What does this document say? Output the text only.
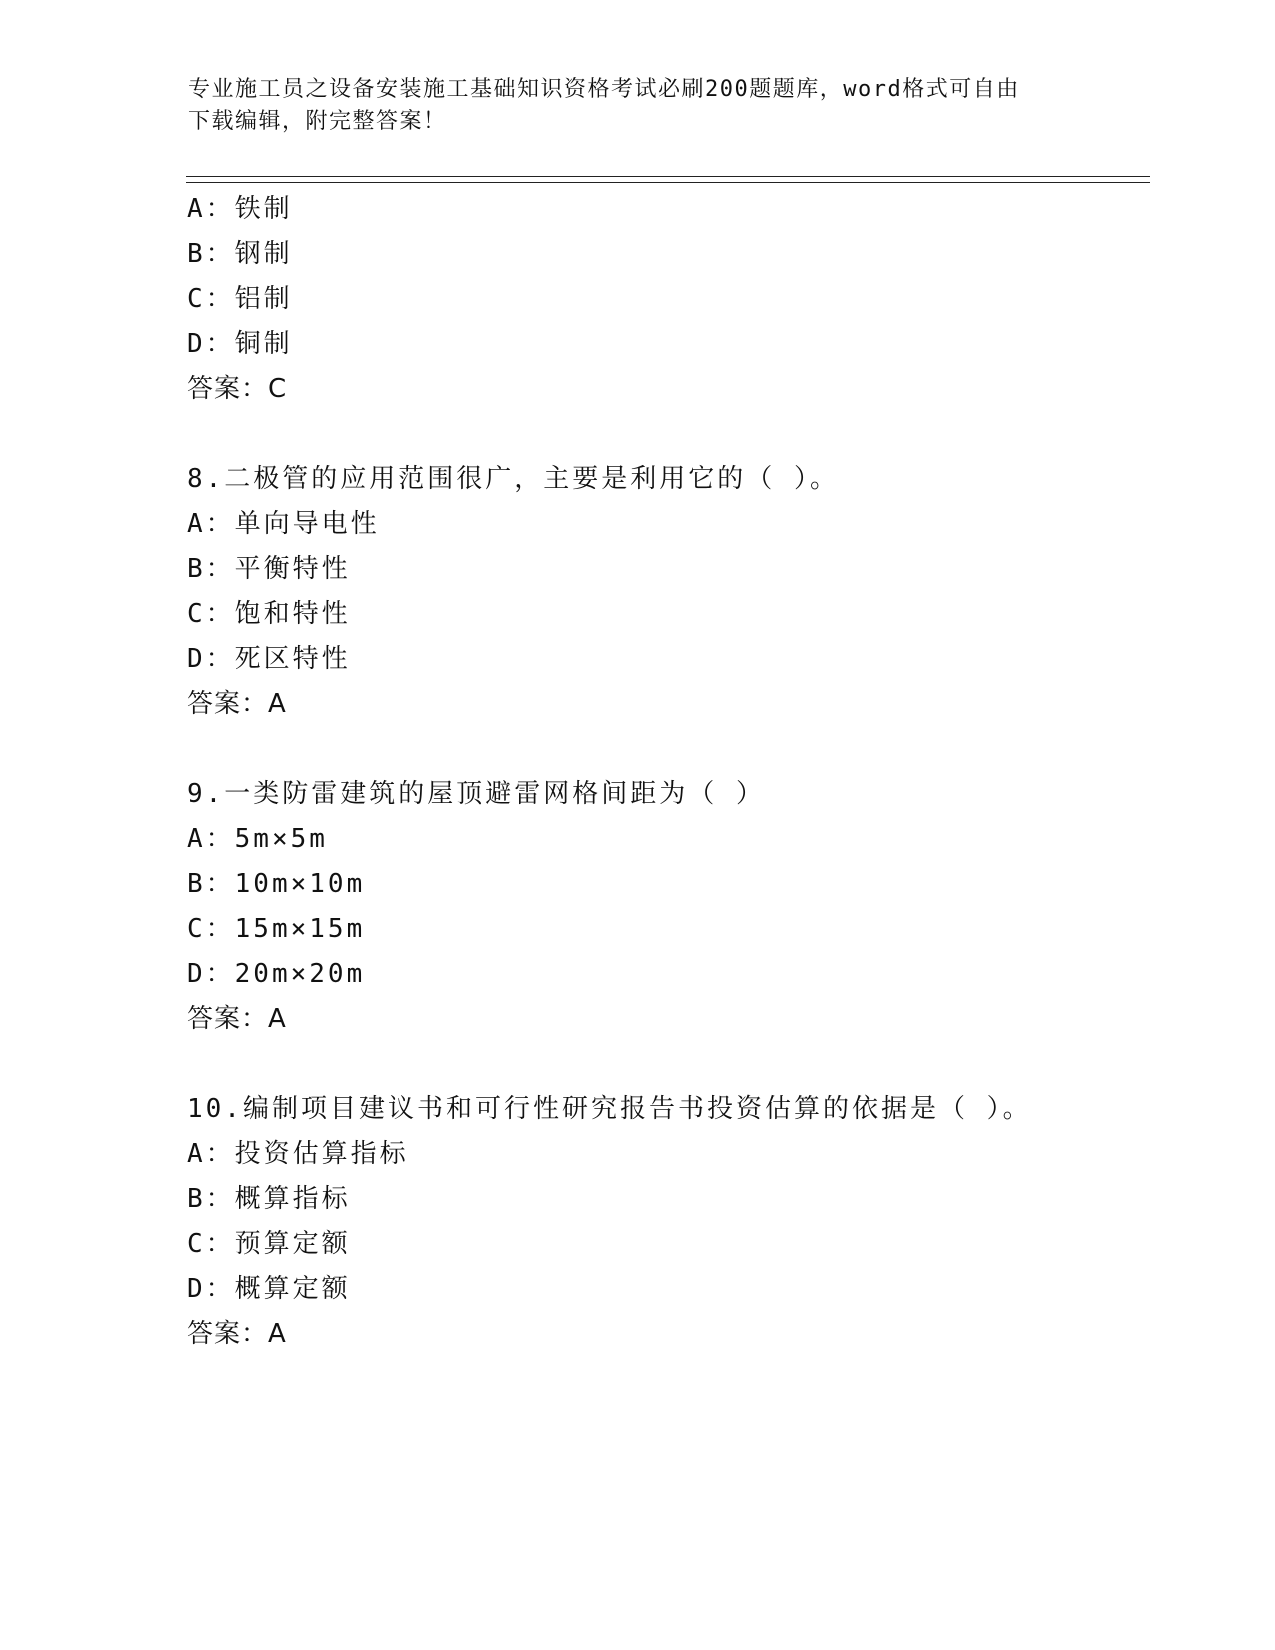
专业施工员之设备安装施工基础知识资格考试必刷200题题库，word格式可自由
下载编辑，附完整答案！
A：铁制
B：钢制
C：铝制
D：铜制
答案：C
8.二极管的应用范围很广，主要是利用它的（ ）。
A：单向导电性
B：平衡特性
C：饱和特性
D：死区特性
答案：A
9.一类防雷建筑的屋顶避雷网格间距为（ ）
A：5m×5m
B：10m×10m
C：15m×15m
D：20m×20m
答案：A
10.编制项目建议书和可行性研究报告书投资估算的依据是（ ）。
A：投资估算指标
B：概算指标
C：预算定额
D：概算定额
答案：A
